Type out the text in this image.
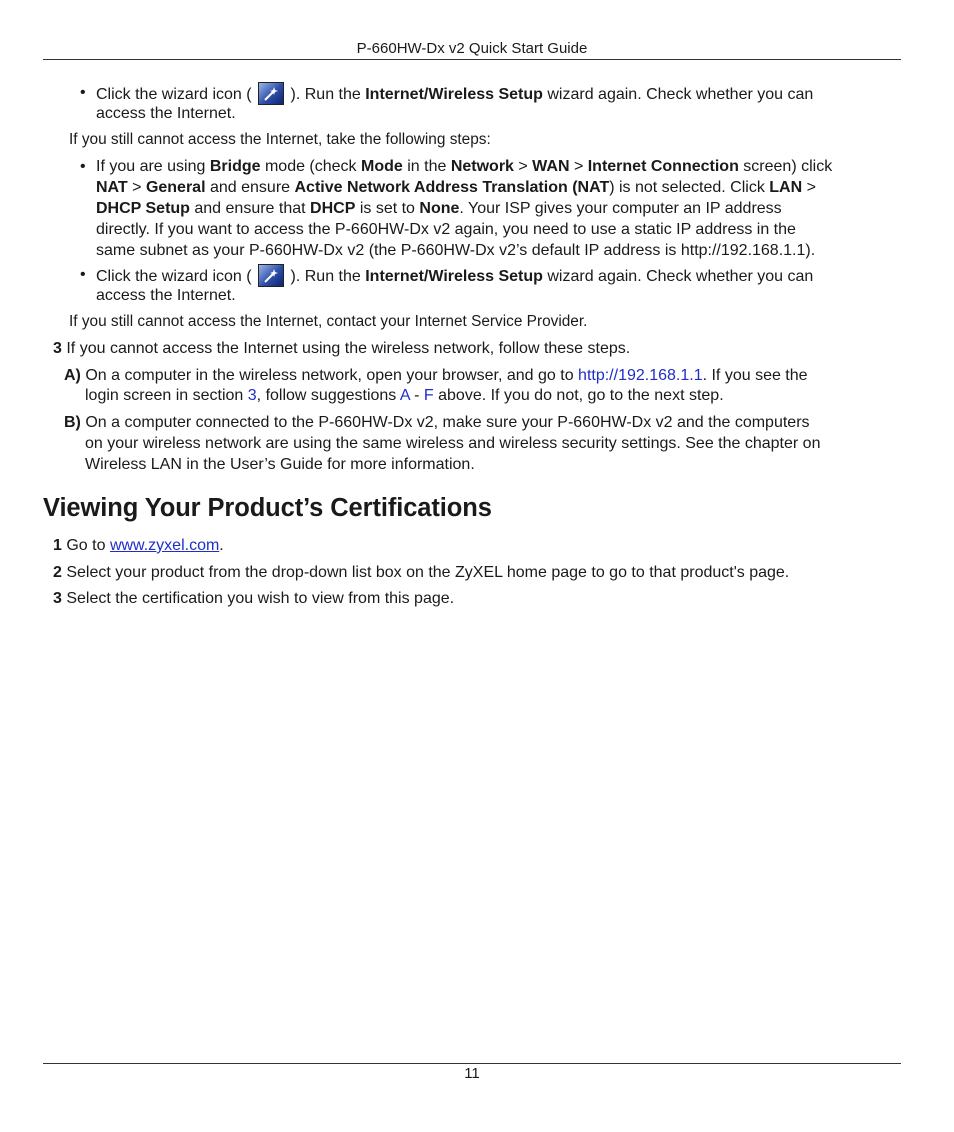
P-660HW-Dx v2 Quick Start Guide
• Click the wizard icon ( ). Run the Internet/Wireless Setup wizard again. Check whether you can
access the Internet.
If you still cannot access the Internet, take the following steps:
• If you are using Bridge mode (check Mode in the Network > WAN > Internet Connection screen) click
NAT > General and ensure Active Network Address Translation (NAT) is not selected. Click LAN >
DHCP Setup and ensure that DHCP is set to None. Your ISP gives your computer an IP address
directly. If you want to access the P-660HW-Dx v2 again, you need to use a static IP address in the
same subnet as your P-660HW-Dx v2 (the P-660HW-Dx v2’s default IP address is http://192.168.1.1).
• Click the wizard icon ( ). Run the Internet/Wireless Setup wizard again. Check whether you can
access the Internet.
If you still cannot access the Internet, contact your Internet Service Provider.
3 If you cannot access the Internet using the wireless network, follow these steps.
A) On a computer in the wireless network, open your browser, and go to http://192.168.1.1. If you see the
login screen in section 3, follow suggestions A - F above. If you do not, go to the next step.
B) On a computer connected to the P-660HW-Dx v2, make sure your P-660HW-Dx v2 and the computers
on your wireless network are using the same wireless and wireless security settings. See the chapter on
Wireless LAN in the User’s Guide for more information.
Viewing Your Product’s Certifications
1 Go to www.zyxel.com.
2 Select your product from the drop-down list box on the ZyXEL home page to go to that product's page.
3 Select the certification you wish to view from this page.
11
